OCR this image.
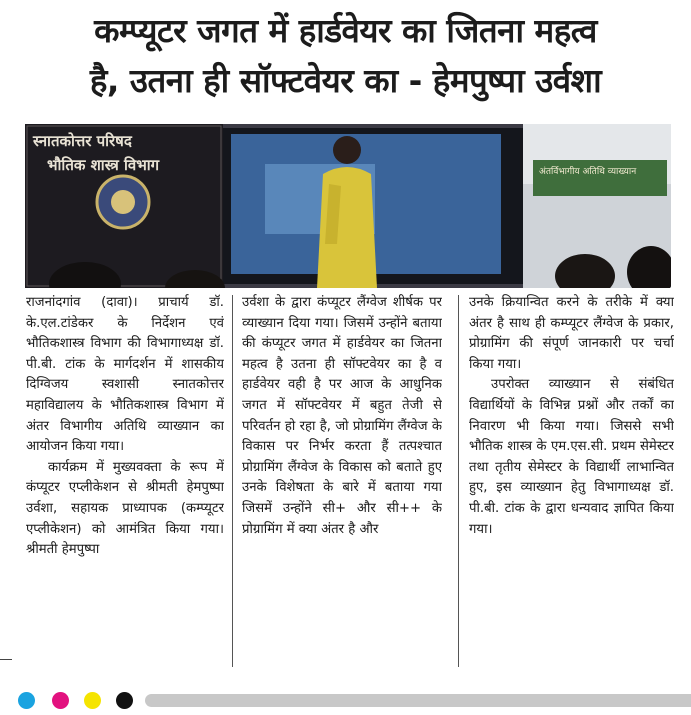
कम्प्यूटर जगत में हार्डवेयर का जितना महत्व
है, उतना ही सॉफ्टवेयर का - हेमपुष्पा उर्वशा
स्नातकोत्तर परिषद
भौतिक शास्त्र विभाग	अंतर्विभागीय अतिथि व्याख्यान

राजनांदगांव (दावा)। प्राचार्य डॉ. के.एल.टांडेकर के निर्देशन एवं भौतिकशास्त्र विभाग की विभागाध्यक्ष डॉ. पी.बी. टांक के मार्गदर्शन में शासकीय दिग्विजय स्वशासी स्नातकोत्तर महाविद्यालय के भौतिकशास्त्र विभाग में अंतर विभागीय अतिथि व्याख्यान का आयोजन किया गया।

कार्यक्रम में मुख्यवक्ता के रूप में कंप्यूटर एप्लीकेशन से श्रीमती हेमपुष्पा उर्वशा, सहायक प्राध्यापक (कम्प्यूटर एप्लीकेशन) को आमंत्रित किया गया। श्रीमती हेमपुष्पा

उर्वशा के द्वारा कंप्यूटर लैंग्वेज शीर्षक पर व्याख्यान दिया गया। जिसमें उन्होंने बताया की कंप्यूटर जगत में हार्डवेयर का जितना महत्व है उतना ही सॉफ्टवेयर का है व हार्डवेयर वही है पर आज के आधुनिक जगत में सॉफ्टवेयर में बहुत तेजी से परिवर्तन हो रहा है, जो प्रोग्रामिंग लैंग्वेज के विकास पर निर्भर करता हैं तत्पश्चात प्रोग्रामिंग लैंग्वेज के विकास को बताते हुए उनके विशेषता के बारे में बताया गया जिसमें उन्होंने सी+ और सी++ के प्रोग्रामिंग में क्या अंतर है और

उनके क्रियान्वित करने के तरीके में क्या अंतर है साथ ही कम्प्यूटर लैंग्वेज के प्रकार, प्रोग्रामिंग की संपूर्ण जानकारी पर चर्चा किया गया।

उपरोक्त व्याख्यान से संबंधित विद्यार्थियों के विभिन्न प्रश्नों और तर्कों का निवारण भी किया गया। जिससे सभी भौतिक शास्त्र के एम.एस.सी. प्रथम सेमेस्टर तथा तृतीय सेमेस्टर के विद्यार्थी लाभान्वित हुए, इस व्याख्यान हेतु विभागाध्यक्ष डॉ. पी.बी. टांक के द्वारा धन्यवाद ज्ञापित किया गया।
